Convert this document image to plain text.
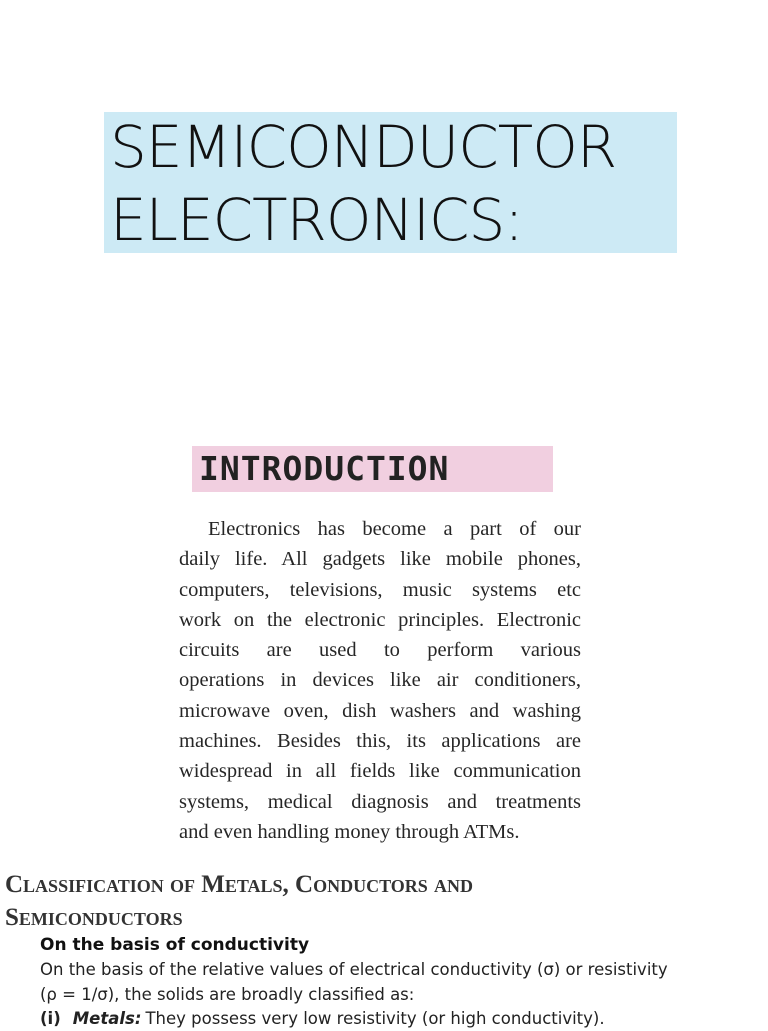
SEMICONDUCTOR
ELECTRONICS:
INTRODUCTION
Electronics has become a part of our
daily life. All gadgets like mobile phones,
computers, televisions, music systems etc
work on the electronic principles. Electronic
circuits are used to perform various
operations in devices like air conditioners,
microwave oven, dish washers and washing
machines. Besides this, its applications are
widespread in all fields like communication
systems, medical diagnosis and treatments
and even handling money through ATMs.
Classification of Metals, Conductors and
Semiconductors
On the basis of conductivity
On the basis of the relative values of electrical conductivity (σ) or resistivity
(ρ = 1/σ), the solids are broadly classified as:
(i) Metals: They possess very low resistivity (or high conductivity).
